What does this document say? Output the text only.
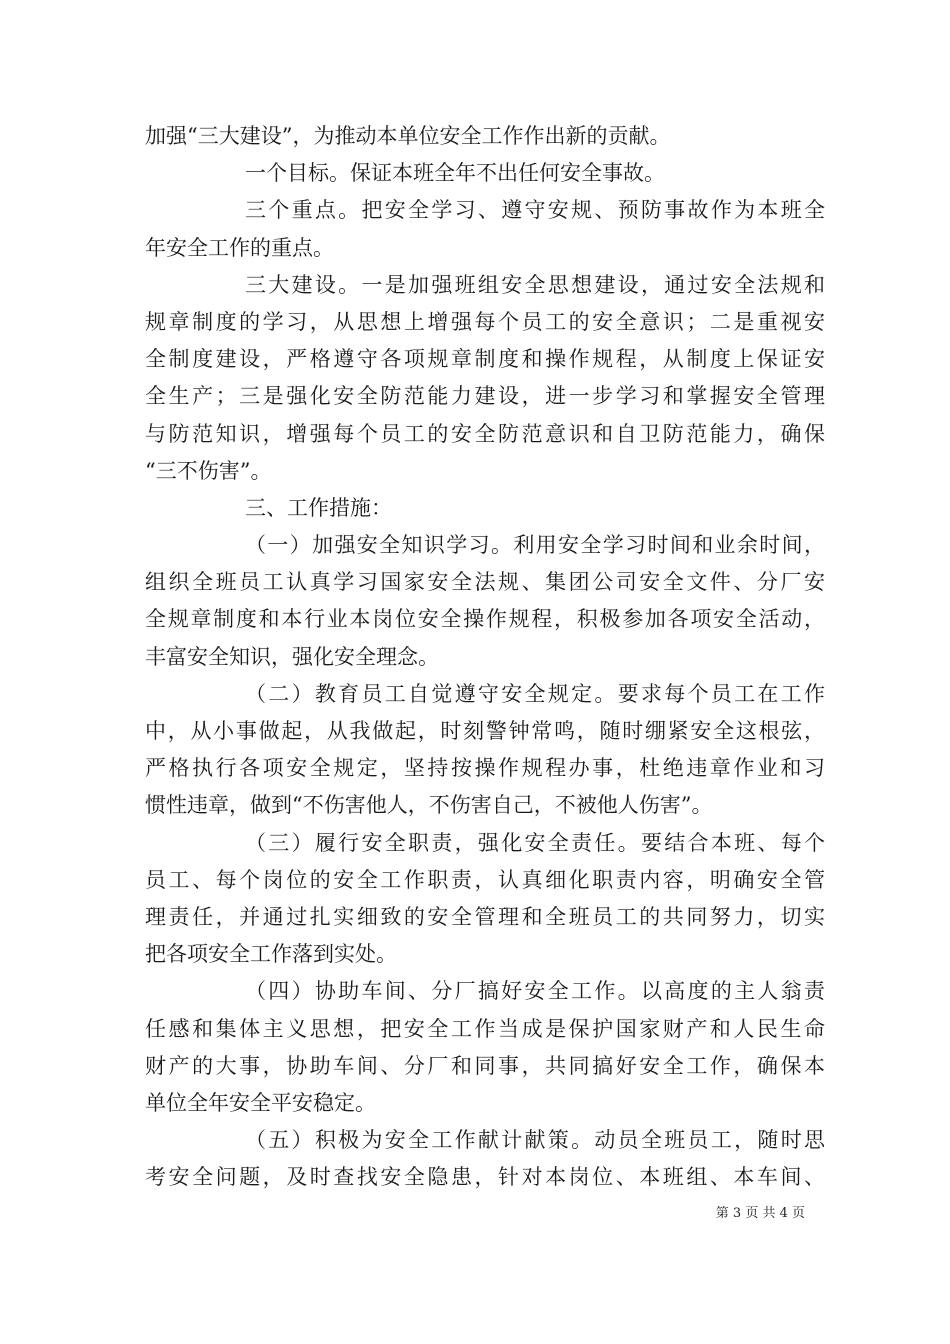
加强“三大建设”，为推动本单位安全工作作出新的贡献。
一个目标。保证本班全年不出任何安全事故。
三个重点。把安全学习、遵守安规、预防事故作为本班全
年安全工作的重点。
三大建设。一是加强班组安全思想建设，通过安全法规和
规章制度的学习，从思想上增强每个员工的安全意识；二是重视安
全制度建设，严格遵守各项规章制度和操作规程，从制度上保证安
全生产；三是强化安全防范能力建设，进一步学习和掌握安全管理
与防范知识，增强每个员工的安全防范意识和自卫防范能力，确保
“三不伤害”。
三、工作措施：
（一）加强安全知识学习。利用安全学习时间和业余时间，
组织全班员工认真学习国家安全法规、集团公司安全文件、分厂安
全规章制度和本行业本岗位安全操作规程，积极参加各项安全活动，
丰富安全知识，强化安全理念。
（二）教育员工自觉遵守安全规定。要求每个员工在工作
中，从小事做起，从我做起，时刻警钟常鸣，随时绷紧安全这根弦，
严格执行各项安全规定，坚持按操作规程办事，杜绝违章作业和习
惯性违章，做到“不伤害他人，不伤害自己，不被他人伤害”。
（三）履行安全职责，强化安全责任。要结合本班、每个
员工、每个岗位的安全工作职责，认真细化职责内容，明确安全管
理责任，并通过扎实细致的安全管理和全班员工的共同努力，切实
把各项安全工作落到实处。
（四）协助车间、分厂搞好安全工作。以高度的主人翁责
任感和集体主义思想，把安全工作当成是保护国家财产和人民生命
财产的大事，协助车间、分厂和同事，共同搞好安全工作，确保本
单位全年安全平安稳定。
（五）积极为安全工作献计献策。动员全班员工，随时思
考安全问题，及时查找安全隐患，针对本岗位、本班组、本车间、
第 3 页 共 4 页
